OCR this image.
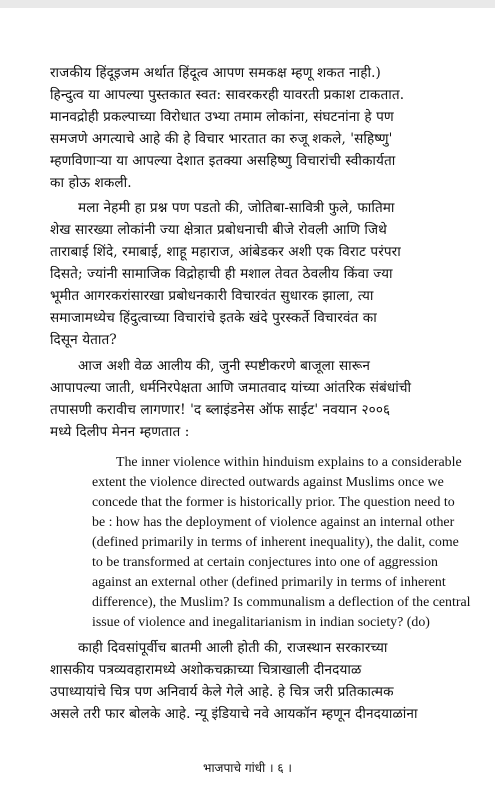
राजकीय हिंदूइजम अर्थात हिंदूत्व आपण समकक्ष म्हणू शकत नाही.)
हिन्दुत्व या आपल्या पुस्तकात स्वत: सावरकरही यावरती प्रकाश टाकतात.
मानवद्रोही प्रकल्पाच्या विरोधात उभ्या तमाम लोकांना, संघटनांना हे पण
समजणे अगत्याचे आहे की हे विचार भारतात का रुजू शकले, 'सहिष्णु'
म्हणविणाऱ्या या आपल्या देशात इतक्या असहिष्णु विचारांची स्वीकार्यता
का होऊ शकली.
मला नेहमी हा प्रश्न पण पडतो की, जोतिबा-सावित्री फुले, फातिमा
शेख सारख्या लोकांनी ज्या क्षेत्रात प्रबोधनाची बीजे रोवली आणि जिथे
ताराबाई शिंदे, रमाबाई, शाहू महाराज, आंबेडकर अशी एक विराट परंपरा
दिसते; ज्यांनी सामाजिक विद्रोहाची ही मशाल तेवत ठेवलीय किंवा ज्या
भूमीत आगरकरांसारखा प्रबोधनकारी विचारवंत सुधारक झाला, त्या
समाजामध्येच हिंदुत्वाच्या विचारांचे इतके खंदे पुरस्कर्ते विचारवंत का
दिसून येतात?
आज अशी वेळ आलीय की, जुनी स्पष्टीकरणे बाजूला सारून
आपापल्या जाती, धर्मनिरपेक्षता आणि जमातवाद यांच्या आंतरिक संबंधांची
तपासणी करावीच लागणार! 'द ब्लाइंडनेस ऑफ साईट' नवयान २००६
मध्ये दिलीप मेनन म्हणतात :
The inner violence within hinduism explains to a considerable
extent the violence directed outwards against Muslims once we
concede that the former is historically prior. The question need to
be : how has the deployment of violence against an internal other
(defined primarily in terms of inherent inequality), the dalit, come
to be transformed at certain conjectures into one of aggression
against an external other (defined primarily in terms of inherent
difference), the Muslim? Is communalism a deflection of the central
issue of violence and inegalitarianism in indian society? (do)
काही दिवसांपूर्वीच बातमी आली होती की, राजस्थान सरकारच्या
शासकीय पत्रव्यवहारामध्ये अशोकचक्राच्या चित्राखाली दीनदयाळ
उपाध्यायांचे चित्र पण अनिवार्य केले गेले आहे. हे चित्र जरी प्रतिकात्मक
असले तरी फार बोलके आहे. न्यू इंडियाचे नवे आयकॉन म्हणून दीनदयाळांना
भाजपाचे गांधी । ६ ।
